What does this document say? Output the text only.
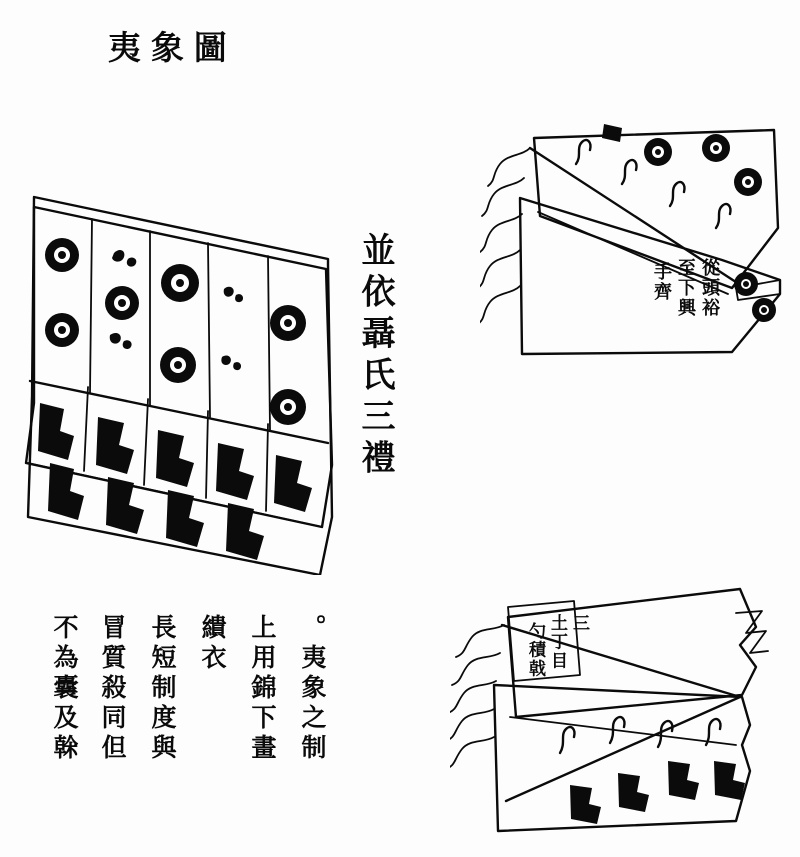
夷象圖
並依聶氏三禮	從頭裕
至下興
手齊
三
土丁目
勺積戟
。夷象之制
上用錦下畫
繢衣
長短制度與
冒質殺同但
不為囊及榦
